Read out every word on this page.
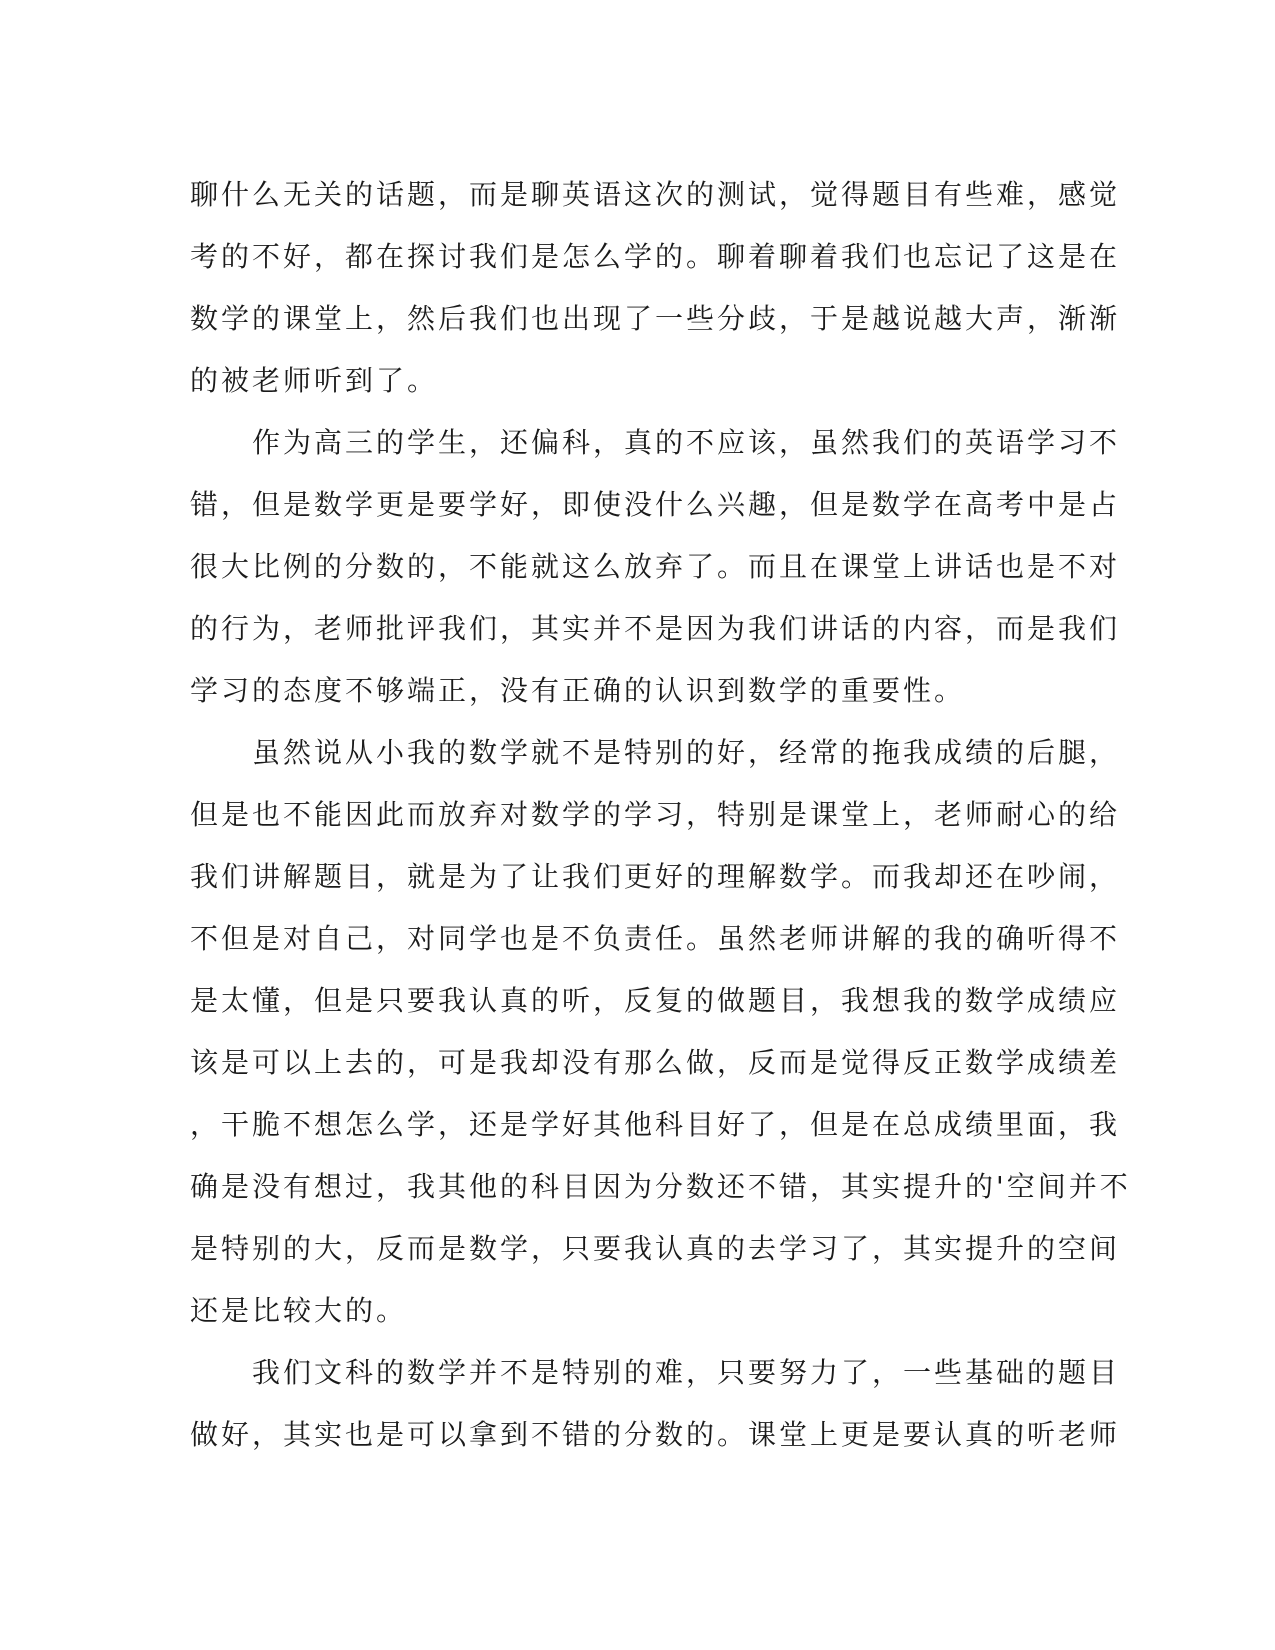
聊什么无关的话题，而是聊英语这次的测试，觉得题目有些难，感觉
考的不好，都在探讨我们是怎么学的。聊着聊着我们也忘记了这是在
数学的课堂上，然后我们也出现了一些分歧，于是越说越大声，渐渐
的被老师听到了。
　　作为高三的学生，还偏科，真的不应该，虽然我们的英语学习不
错，但是数学更是要学好，即使没什么兴趣，但是数学在高考中是占
很大比例的分数的，不能就这么放弃了。而且在课堂上讲话也是不对
的行为，老师批评我们，其实并不是因为我们讲话的内容，而是我们
学习的态度不够端正，没有正确的认识到数学的重要性。
　　虽然说从小我的数学就不是特别的好，经常的拖我成绩的后腿，
但是也不能因此而放弃对数学的学习，特别是课堂上，老师耐心的给
我们讲解题目，就是为了让我们更好的理解数学。而我却还在吵闹，
不但是对自己，对同学也是不负责任。虽然老师讲解的我的确听得不
是太懂，但是只要我认真的听，反复的做题目，我想我的数学成绩应
该是可以上去的，可是我却没有那么做，反而是觉得反正数学成绩差
，干脆不想怎么学，还是学好其他科目好了，但是在总成绩里面，我
确是没有想过，我其他的科目因为分数还不错，其实提升的'空间并不
是特别的大，反而是数学，只要我认真的去学习了，其实提升的空间
还是比较大的。
　　我们文科的数学并不是特别的难，只要努力了，一些基础的题目
做好，其实也是可以拿到不错的分数的。课堂上更是要认真的听老师
